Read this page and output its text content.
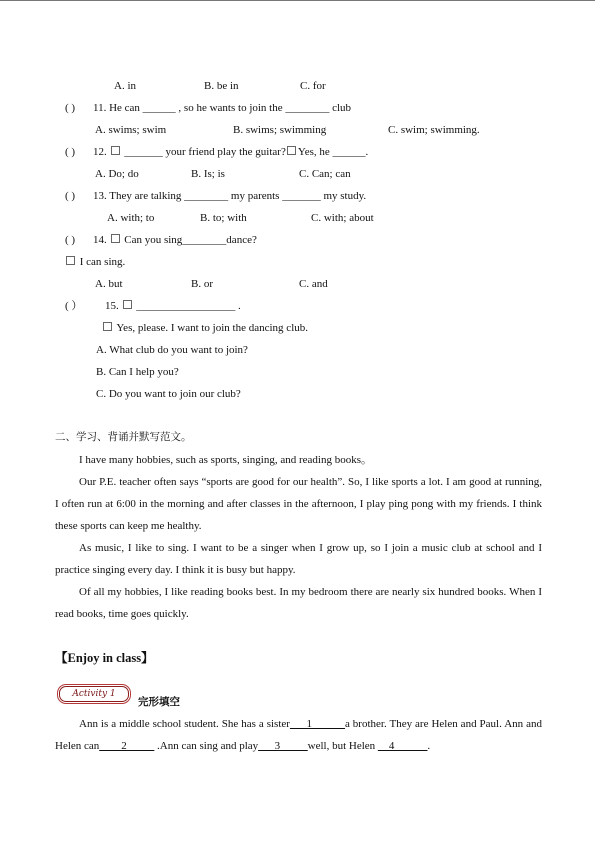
A. in	B. be in	C. for
( ) 11. He can ______ , so he wants to join the ________ club
A. swims; swim	B. swims; swimming	C. swim; swimming.
( ) 12. _______ your friend play the guitar? Yes, he ______.
A. Do; do	B. Is; is	C. Can; can
( ) 13. They are talking ________ my parents _______ my study.
A. with; to	B. to; with	C. with; about
( ) 14. Can you sing________dance?
I can sing.
A. but	B. or	C. and
( ） 15. __________________ .
Yes, please. I want to join the dancing club.
A. What club do you want to join?
B. Can I help you?
C. Do you want to join our club?
二、学习、背诵并默写范文。
I have many hobbies, such as sports, singing, and reading books。
Our P.E. teacher often says “sports are good for our health”. So, I like sports a lot. I am good at running, I often run at 6:00 in the morning and after classes in the afternoon, I play ping pong with my friends. I think these sports can keep me healthy.
As music, I like to sing. I want to be a singer when I grow up, so I join a music club at school and I practice singing every day. I think it is busy but happy.
Of all my hobbies, I like reading books best. In my bedroom there are nearly six hundred books. When I read books, time goes quickly.
【Enjoy in class】
Activity 1
完形填空
Ann is a middle school student. She has a sister___1______a brother. They are Helen and Paul. Ann and Helen can____2_____ .Ann can sing and play___3_____well, but Helen __4______.
